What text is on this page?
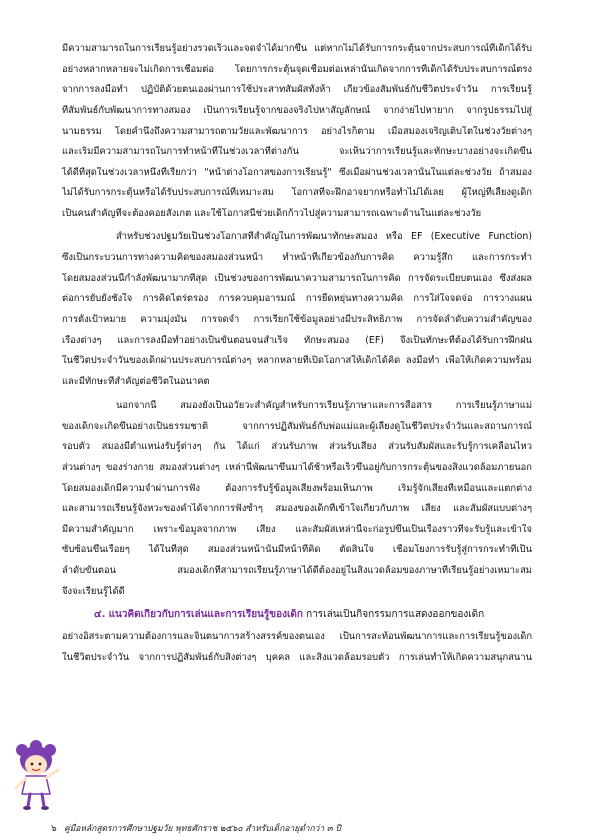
มีความสามารถในการเรียนรู้อย่างรวดเร็วและจดจำได้มากขึ้น แต่หากไม่ได้รับการกระตุ้นจากประสบการณ์ที่เด็กได้รับ
อย่างหลากหลายจะไม่เกิดการเชื่อมต่อ โดยการกระตุ้นจุดเชื่อมต่อเหล่านั้นเกิดจากการที่เด็กได้รับประสบการณ์ตรง
จากการลงมือทำ ปฏิบัติด้วยตนเองผ่านการใช้ประสาทสัมผัสทั้งห้า เกี่ยวข้องสัมพันธ์กับชีวิตประจำวัน การเรียนรู้
ที่สัมพันธ์กับพัฒนาการทางสมอง เป็นการเรียนรู้จากของจริงไปหาสัญลักษณ์ จากง่ายไปหายาก จากรูปธรรมไปสู่
นามธรรม โดยคำนึงถึงความสามารถตามวัยและพัฒนาการ อย่างไรก็ตาม เมื่อสมองเจริญเติบโตในช่วงวัยต่างๆ
และเริ่มมีความสามารถในการทำหน้าที่ในช่วงเวลาที่ต่างกัน จะเห็นว่าการเรียนรู้และทักษะบางอย่างจะเกิดขึ้น
ได้ดีที่สุดในช่วงเวลาหนึ่งที่เรียกว่า "หน้าต่างโอกาสของการเรียนรู้" ซึ่งเมื่อผ่านช่วงเวลานั้นในแต่ละช่วงวัย ถ้าสมอง
ไม่ได้รับการกระตุ้นหรือได้รับประสบการณ์ที่เหมาะสม โอกาสที่จะฝึกอาจยากหรือทำไม่ได้เลย ผู้ใหญ่ที่เลี้ยงดูเด็ก
เป็นคนสำคัญที่จะต้องคอยสังเกต และใช้โอกาสนี้ช่วยเด็กก้าวไปสู่ความสามารถเฉพาะด้านในแต่ละช่วงวัย
สำหรับช่วงปฐมวัยเป็นช่วงโอกาสที่สำคัญในการพัฒนาทักษะสมอง หรือ EF (Executive Function)
ซึ่งเป็นกระบวนการทางความคิดของสมองส่วนหน้า ทำหน้าที่เกี่ยวข้องกับการคิด ความรู้สึก และการกระทำ
โดยสมองส่วนนี้กำลังพัฒนามากที่สุด เป็นช่วงของการพัฒนาความสามารถในการคิด การจัดระเบียบตนเอง ซึ่งส่งผล
ต่อการยับยั้งชั่งใจ การคิดไตร่ตรอง การควบคุมอารมณ์ การยืดหยุ่นทางความคิด การใส่ใจจดจ่อ การวางแผน
การตั้งเป้าหมาย ความมุ่งมั่น การจดจำ การเรียกใช้ข้อมูลอย่างมีประสิทธิภาพ การจัดลำดับความสำคัญของ
เรื่องต่างๆ และการลงมือทำอย่างเป็นขั้นตอนจนสำเร็จ ทักษะสมอง (EF) จึงเป็นทักษะที่ต้องได้รับการฝึกฝน
ในชีวิตประจำวันของเด็กผ่านประสบการณ์ต่างๆ หลากหลายที่เปิดโอกาสให้เด็กได้คิด ลงมือทำ เพื่อให้เกิดความพร้อม
และมีทักษะที่สำคัญต่อชีวิตในอนาคต
นอกจากนี้ สมองยังเป็นอวัยวะสำคัญสำหรับการเรียนรู้ภาษาและการสื่อสาร การเรียนรู้ภาษาแม่
ของเด็กจะเกิดขึ้นอย่างเป็นธรรมชาติ จากการปฏิสัมพันธ์กับพ่อแม่และผู้เลี้ยงดูในชีวิตประจำวันและสถานการณ์
รอบตัว สมองมีตำแหน่งรับรู้ต่างๆ กัน ได้แก่ ส่วนรับภาพ ส่วนรับเสียง ส่วนรับสัมผัสและรับรู้การเคลื่อนไหว
ส่วนต่างๆ ของร่างกาย สมองส่วนต่างๆ เหล่านี้พัฒนาขึ้นมาได้ช้าหรือเร็วขึ้นอยู่กับการกระตุ้นของสิ่งแวดล้อมภายนอก
โดยสมองเด็กมีความจำผ่านการฟัง ต้องการรับรู้ข้อมูลเสียงพร้อมเห็นภาพ เริ่มรู้จักเสียงที่เหมือนและแตกต่าง
และสามารถเรียนรู้จังหวะของคำได้จากการฟังซ้ำๆ สมองของเด็กที่เข้าใจเกี่ยวกับภาพ เสียง และสัมผัสแบบต่างๆ
มีความสำคัญมาก เพราะข้อมูลจากภาพ เสียง และสัมผัสเหล่านี้จะก่อรูปขึ้นเป็นเรื่องราวที่จะรับรู้และเข้าใจ
ซับซ้อนขึ้นเรื่อยๆ ได้ในที่สุด สมองส่วนหน้านั้นมีหน้าที่คิด ตัดสินใจ เชื่อมโยงการรับรู้สู่การกระทำที่เป็น
ลำดับขั้นตอน สมองเด็กที่สามารถเรียนรู้ภาษาได้ดีต้องอยู่ในสิ่งแวดล้อมของภาษาที่เรียนรู้อย่างเหมาะสม
จึงจะเรียนรู้ได้ดี
๔. แนวคิดเกี่ยวกับการเล่นและการเรียนรู้ของเด็ก การเล่นเป็นกิจกรรมการแสดงออกของเด็ก
อย่างอิสระตามความต้องการและจินตนาการสร้างสรรค์ของตนเอง เป็นการสะท้อนพัฒนาการและการเรียนรู้ของเด็ก
ในชีวิตประจำวัน จากการปฏิสัมพันธ์กับสิ่งต่างๆ บุคคล และสิ่งแวดล้อมรอบตัว การเล่นทำให้เกิดความสนุกสนาน
๖ คู่มือหลักสูตรการศึกษาปฐมวัย พุทธศักราช ๒๕๖๐ สำหรับเด็กอายุต่ำกว่า ๓ ปี
